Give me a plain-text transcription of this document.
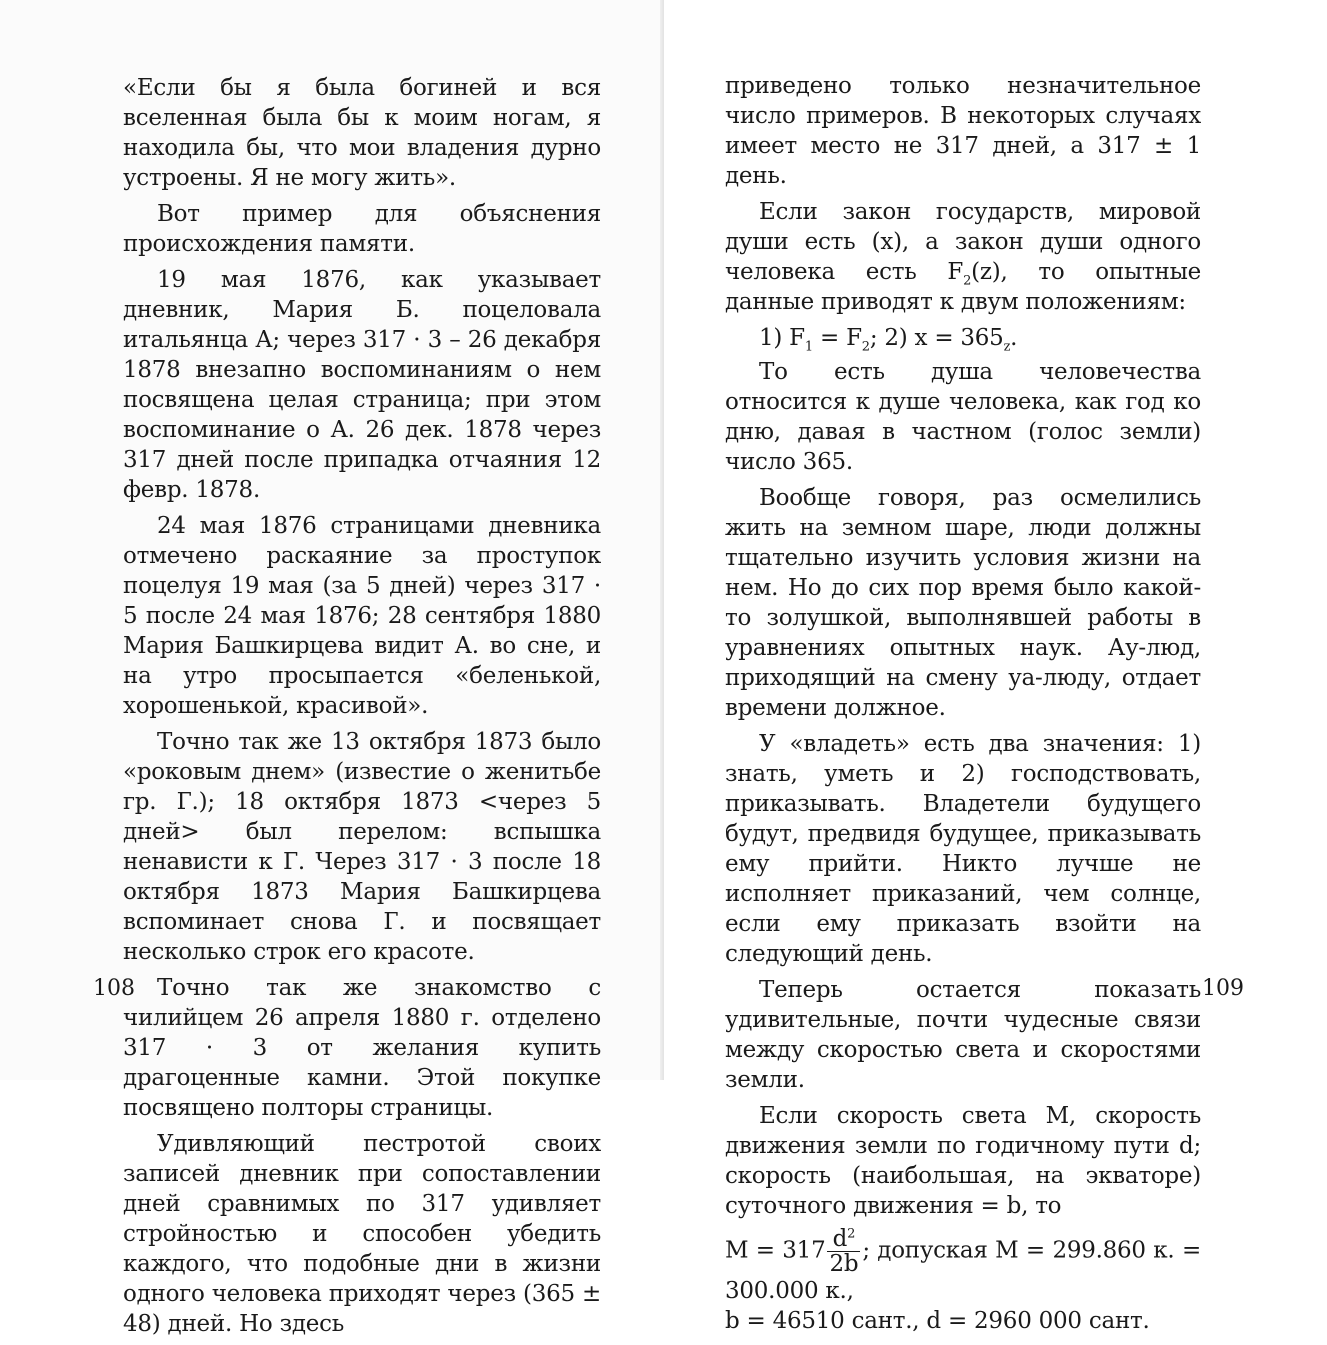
«Если бы я была богиней и вся вселенная была бы к моим ногам, я находила бы, что мои владения дурно устроены. Я не могу жить».

Вот пример для объяснения происхождения памяти.

19 мая 1876, как указывает дневник, Мария Б. поцеловала итальянца А; через 317 · 3 – 26 декабря 1878 внезапно воспоминаниям о нем посвящена целая страница; при этом воспоминание о А. 26 дек. 1878 через 317 дней после припадка отчаяния 12 февр. 1878.

24 мая 1876 страницами дневника отмечено раскаяние за проступок поцелуя 19 мая (за 5 дней) через 317 · 5 после 24 мая 1876; 28 сентября 1880 Мария Башкирцева видит А. во сне, и на утро просыпается «беленькой, хорошенькой, красивой».

Точно так же 13 октября 1873 было «роковым днем» (известие о женитьбе гр. Г.); 18 октября 1873 <через 5 дней> был перелом: вспышка ненависти к Г. Через 317 · 3 после 18 октября 1873 Мария Башкирцева вспоминает снова Г. и посвящает несколько строк его красоте.

Точно так же знакомство с чилийцем 26 апреля 1880 г. отделено 317 · 3 от желания купить драгоценные камни. Этой покупке посвящено полторы страницы.

Удивляющий пестротой своих записей дневник при сопоставлении дней сравнимых по 317 удивляет стройностью и способен убедить каждого, что подобные дни в жизни одного человека приходят через (365 ± 48) дней. Но здесь

108

приведено только незначительное число примеров. В некоторых случаях имеет место не 317 дней, а 317 ± 1 день.

Если закон государств, мировой души есть (x), а закон души одного человека есть $F_2(z)$, то опытные данные приводят к двум положениям:

1) $F_1 = F_2$; 2) $x = 365_z$.

То есть душа человечества относится к душе человека, как год ко дню, давая в частном (голос земли) число 365.

Вообще говоря, раз осмелились жить на земном шаре, люди должны тщательно изучить условия жизни на нем. Но до сих пор время было какой-то золушкой, выполнявшей работы в уравнениях опытных наук. Ау-люд, приходящий на смену уа-люду, отдает времени должное.

У «владеть» есть два значения: 1) знать, уметь и 2) господствовать, приказывать. Владетели будущего будут, предвидя будущее, приказывать ему прийти. Никто лучше не исполняет приказаний, чем солнце, если ему приказать взойти на следующий день.

Теперь остается показать удивительные, почти чудесные связи между скоростью света и скоростями земли.

Если скорость света М, скорость движения земли по годичному пути d; скорость (наибольшая, на экваторе) суточного движения = b, то

$M = 317 \frac{d^2}{2b}$ ; допуская М = 299.860 к. = 300.000 к.,

b = 46510 сант., d = 2960 000 сант.

109
